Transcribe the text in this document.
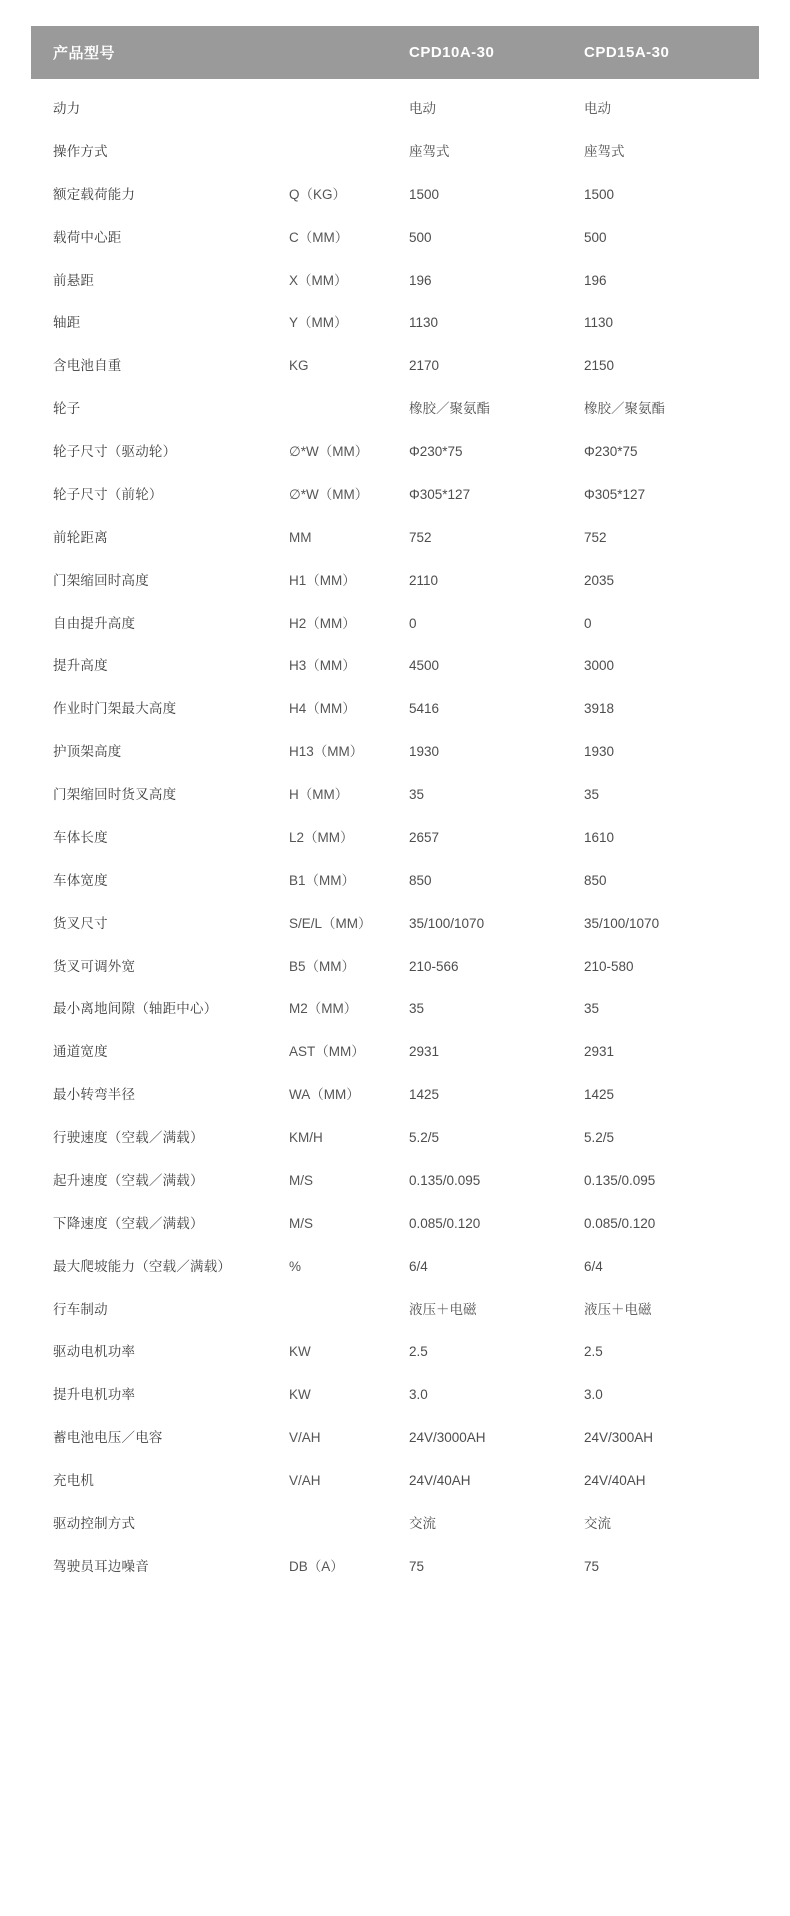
产品型号		CPD10A-30	CPD15A-30
动力		电动	电动
操作方式		座驾式	座驾式
额定载荷能力	Q（KG）	1500	1500
载荷中心距	C（MM）	500	500
前悬距	X（MM）	196	196
轴距	Y（MM）	1130	1130
含电池自重	KG	2170	2150
轮子		橡胶／聚氨酯	橡胶／聚氨酯
轮子尺寸（驱动轮）	∅*W（MM）	Φ230*75	Φ230*75
轮子尺寸（前轮）	∅*W（MM）	Φ305*127	Φ305*127
前轮距离	MM	752	752
门架缩回时高度	H1（MM）	2110	2035
自由提升高度	H2（MM）	0	0
提升高度	H3（MM）	4500	3000
作业时门架最大高度	H4（MM）	5416	3918
护顶架高度	H13（MM）	1930	1930
门架缩回时货叉高度	H（MM）	35	35
车体长度	L2（MM）	2657	1610
车体宽度	B1（MM）	850	850
货叉尺寸	S/E/L（MM）	35/100/1070	35/100/1070
货叉可调外宽	B5（MM）	210-566	210-580
最小离地间隙（轴距中心）	M2（MM）	35	35
通道宽度	AST（MM）	2931	2931
最小转弯半径	WA（MM）	1425	1425
行驶速度（空载／满载）	KM/H	5.2/5	5.2/5
起升速度（空载／满载）	M/S	0.135/0.095	0.135/0.095
下降速度（空载／满载）	M/S	0.085/0.120	0.085/0.120
最大爬坡能力（空载／满载）	%	6/4	6/4
行车制动		液压＋电磁	液压＋电磁
驱动电机功率	KW	2.5	2.5
提升电机功率	KW	3.0	3.0
蓄电池电压／电容	V/AH	24V/3000AH	24V/300AH
充电机	V/AH	24V/40AH	24V/40AH
驱动控制方式		交流	交流
驾驶员耳边噪音	DB（A）	75	75
